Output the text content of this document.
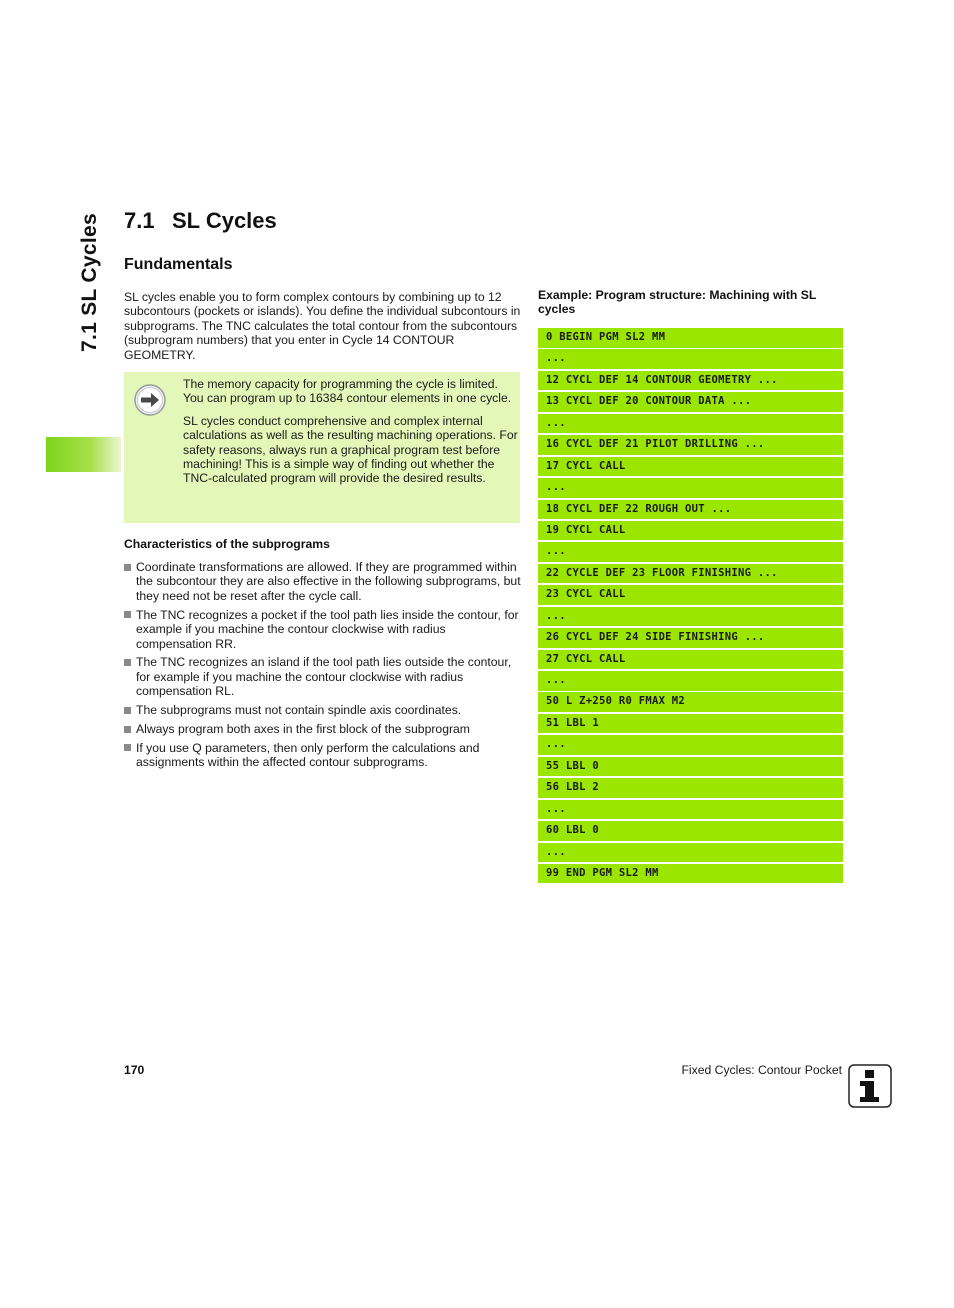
7.1 SL Cycles 7.1 SL Cycles
Fundamentals

SL cycles enable you to form complex contours by combining up to 12 subcontours (pockets or islands). You define the individual subcontours in subprograms. The TNC calculates the total contour from the subcontours (subprogram numbers) that you enter in Cycle 14 CONTOUR GEOMETRY.

The memory capacity for programming the cycle is limited. You can program up to 16384 contour elements in one cycle.

SL cycles conduct comprehensive and complex internal calculations as well as the resulting machining operations. For safety reasons, always run a graphical program test before machining! This is a simple way of finding out whether the TNC-calculated program will provide the desired results.

Characteristics of the subprograms
Coordinate transformations are allowed. If they are programmed within the subcontour they are also effective in the following subprograms, but they need not be reset after the cycle call.
The TNC recognizes a pocket if the tool path lies inside the contour, for example if you machine the contour clockwise with radius compensation RR.
The TNC recognizes an island if the tool path lies outside the contour, for example if you machine the contour clockwise with radius compensation RL.
The subprograms must not contain spindle axis coordinates.
Always program both axes in the first block of the subprogram
If you use Q parameters, then only perform the calculations and assignments within the affected contour subprograms.
Example: Program structure: Machining with SL cycles
0 BEGIN PGM SL2 MM
...
12 CYCL DEF 14 CONTOUR GEOMETRY ...
13 CYCL DEF 20 CONTOUR DATA ...
...
16 CYCL DEF 21 PILOT DRILLING ...
17 CYCL CALL
...
18 CYCL DEF 22 ROUGH OUT ...
19 CYCL CALL
...
22 CYCLE DEF 23 FLOOR FINISHING ...
23 CYCL CALL
...
26 CYCL DEF 24 SIDE FINISHING ...
27 CYCL CALL
...
50 L Z+250 R0 FMAX M2
51 LBL 1
...
55 LBL 0
56 LBL 2
...
60 LBL 0
...
99 END PGM SL2 MM
170	Fixed Cycles: Contour Pocket
